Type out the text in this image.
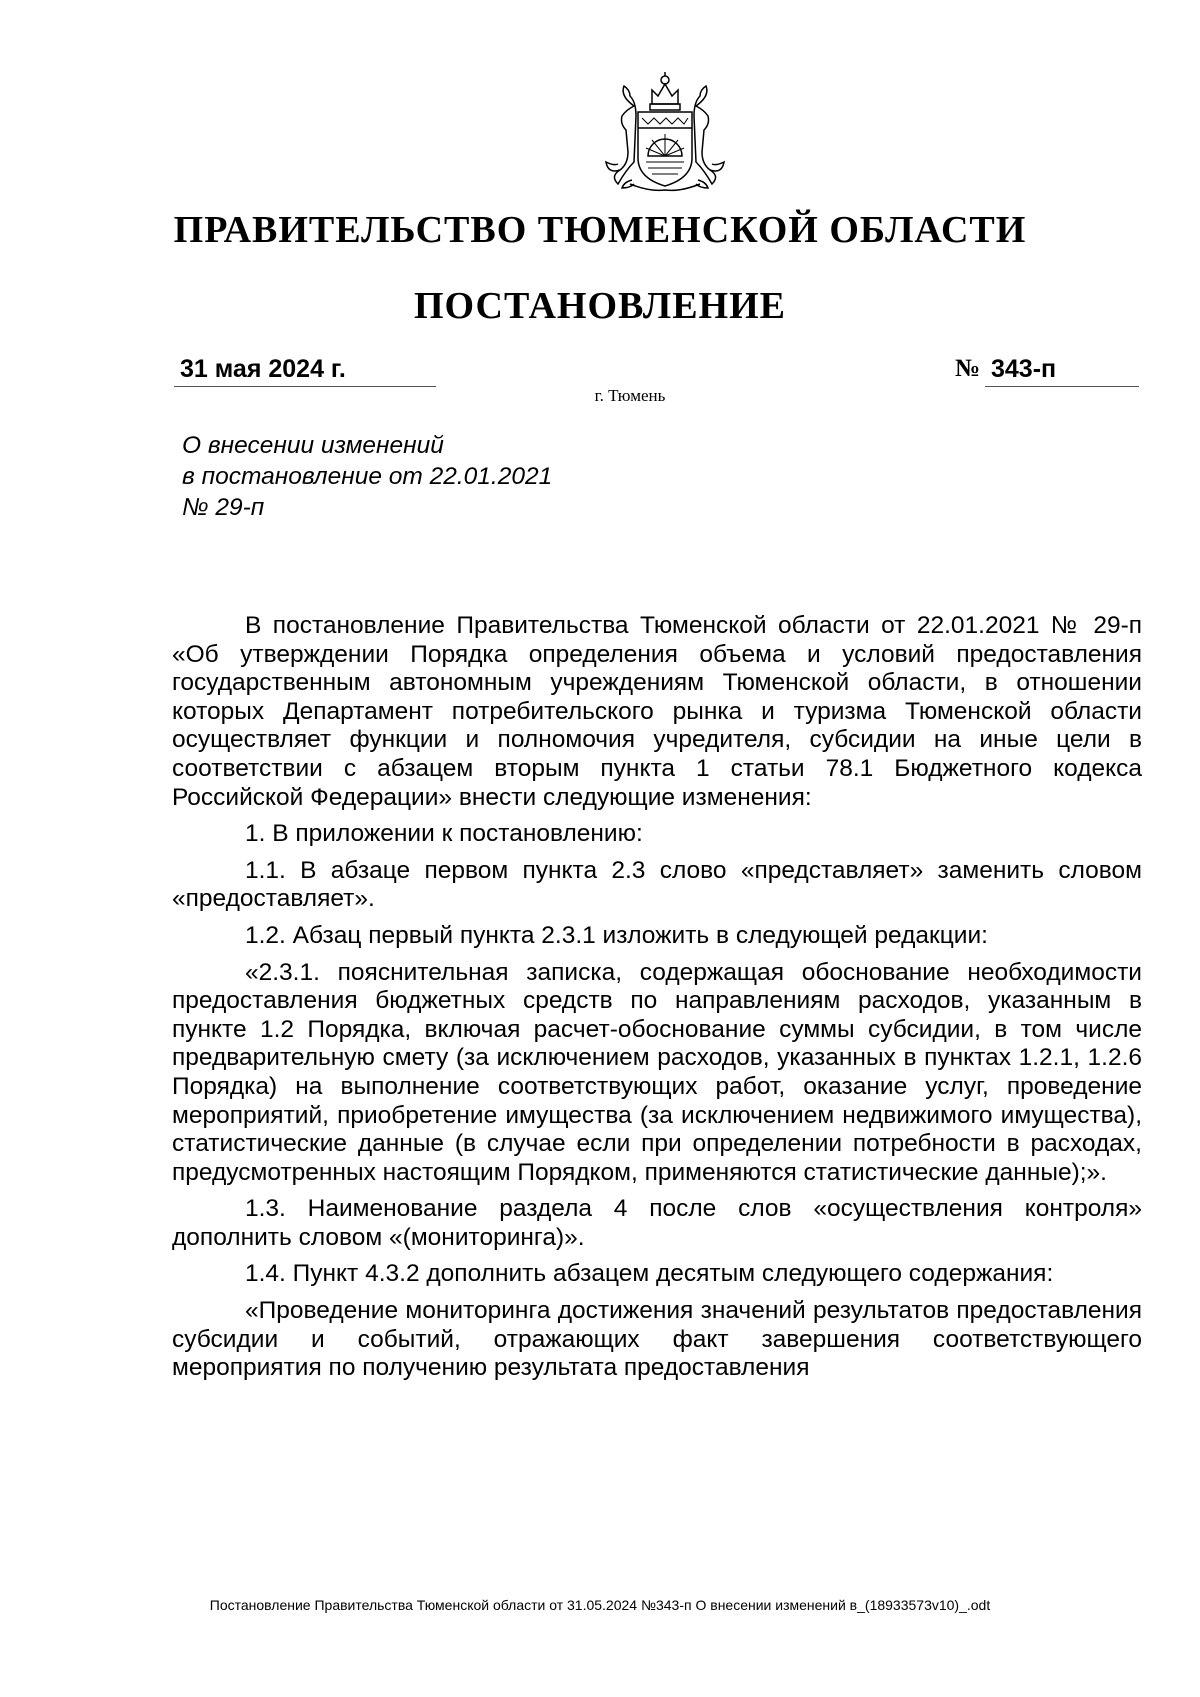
ПРАВИТЕЛЬСТВО ТЮМЕНСКОЙ ОБЛАСТИ
ПОСТАНОВЛЕНИЕ
31 мая 2024 г.	№ 343-п
г. Тюмень
О внесении изменений
в постановление от 22.01.2021
№ 29-п

В постановление Правительства Тюменской области от 22.01.2021 № 29-п «Об утверждении Порядка определения объема и условий предоставления государственным автономным учреждениям Тюменской области, в отношении которых Департамент потребительского рынка и туризма Тюменской области осуществляет функции и полномочия учредителя, субсидии на иные цели в соответствии с абзацем вторым пункта 1 статьи 78.1 Бюджетного кодекса Российской Федерации» внести следующие изменения:

1. В приложении к постановлению:

1.1. В абзаце первом пункта 2.3 слово «представляет» заменить словом «предоставляет».

1.2. Абзац первый пункта 2.3.1 изложить в следующей редакции:

«2.3.1. пояснительная записка, содержащая обоснование необходимости предоставления бюджетных средств по направлениям расходов, указанным в пункте 1.2 Порядка, включая расчет-обоснование суммы субсидии, в том числе предварительную смету (за исключением расходов, указанных в пунктах 1.2.1, 1.2.6 Порядка) на выполнение соответствующих работ, оказание услуг, проведение мероприятий, приобретение имущества (за исключением недвижимого имущества), статистические данные (в случае если при определении потребности в расходах, предусмотренных настоящим Порядком, применяются статистические данные);».

1.3. Наименование раздела 4 после слов «осуществления контроля» дополнить словом «(мониторинга)».

1.4. Пункт 4.3.2 дополнить абзацем десятым следующего содержания:

«Проведение мониторинга достижения значений результатов предоставления субсидии и событий, отражающих факт завершения соответствующего мероприятия по получению результата предоставления

Постановление Правительства Тюменской области от 31.05.2024 №343-п О внесении изменений в_(18933573v10)_.odt
